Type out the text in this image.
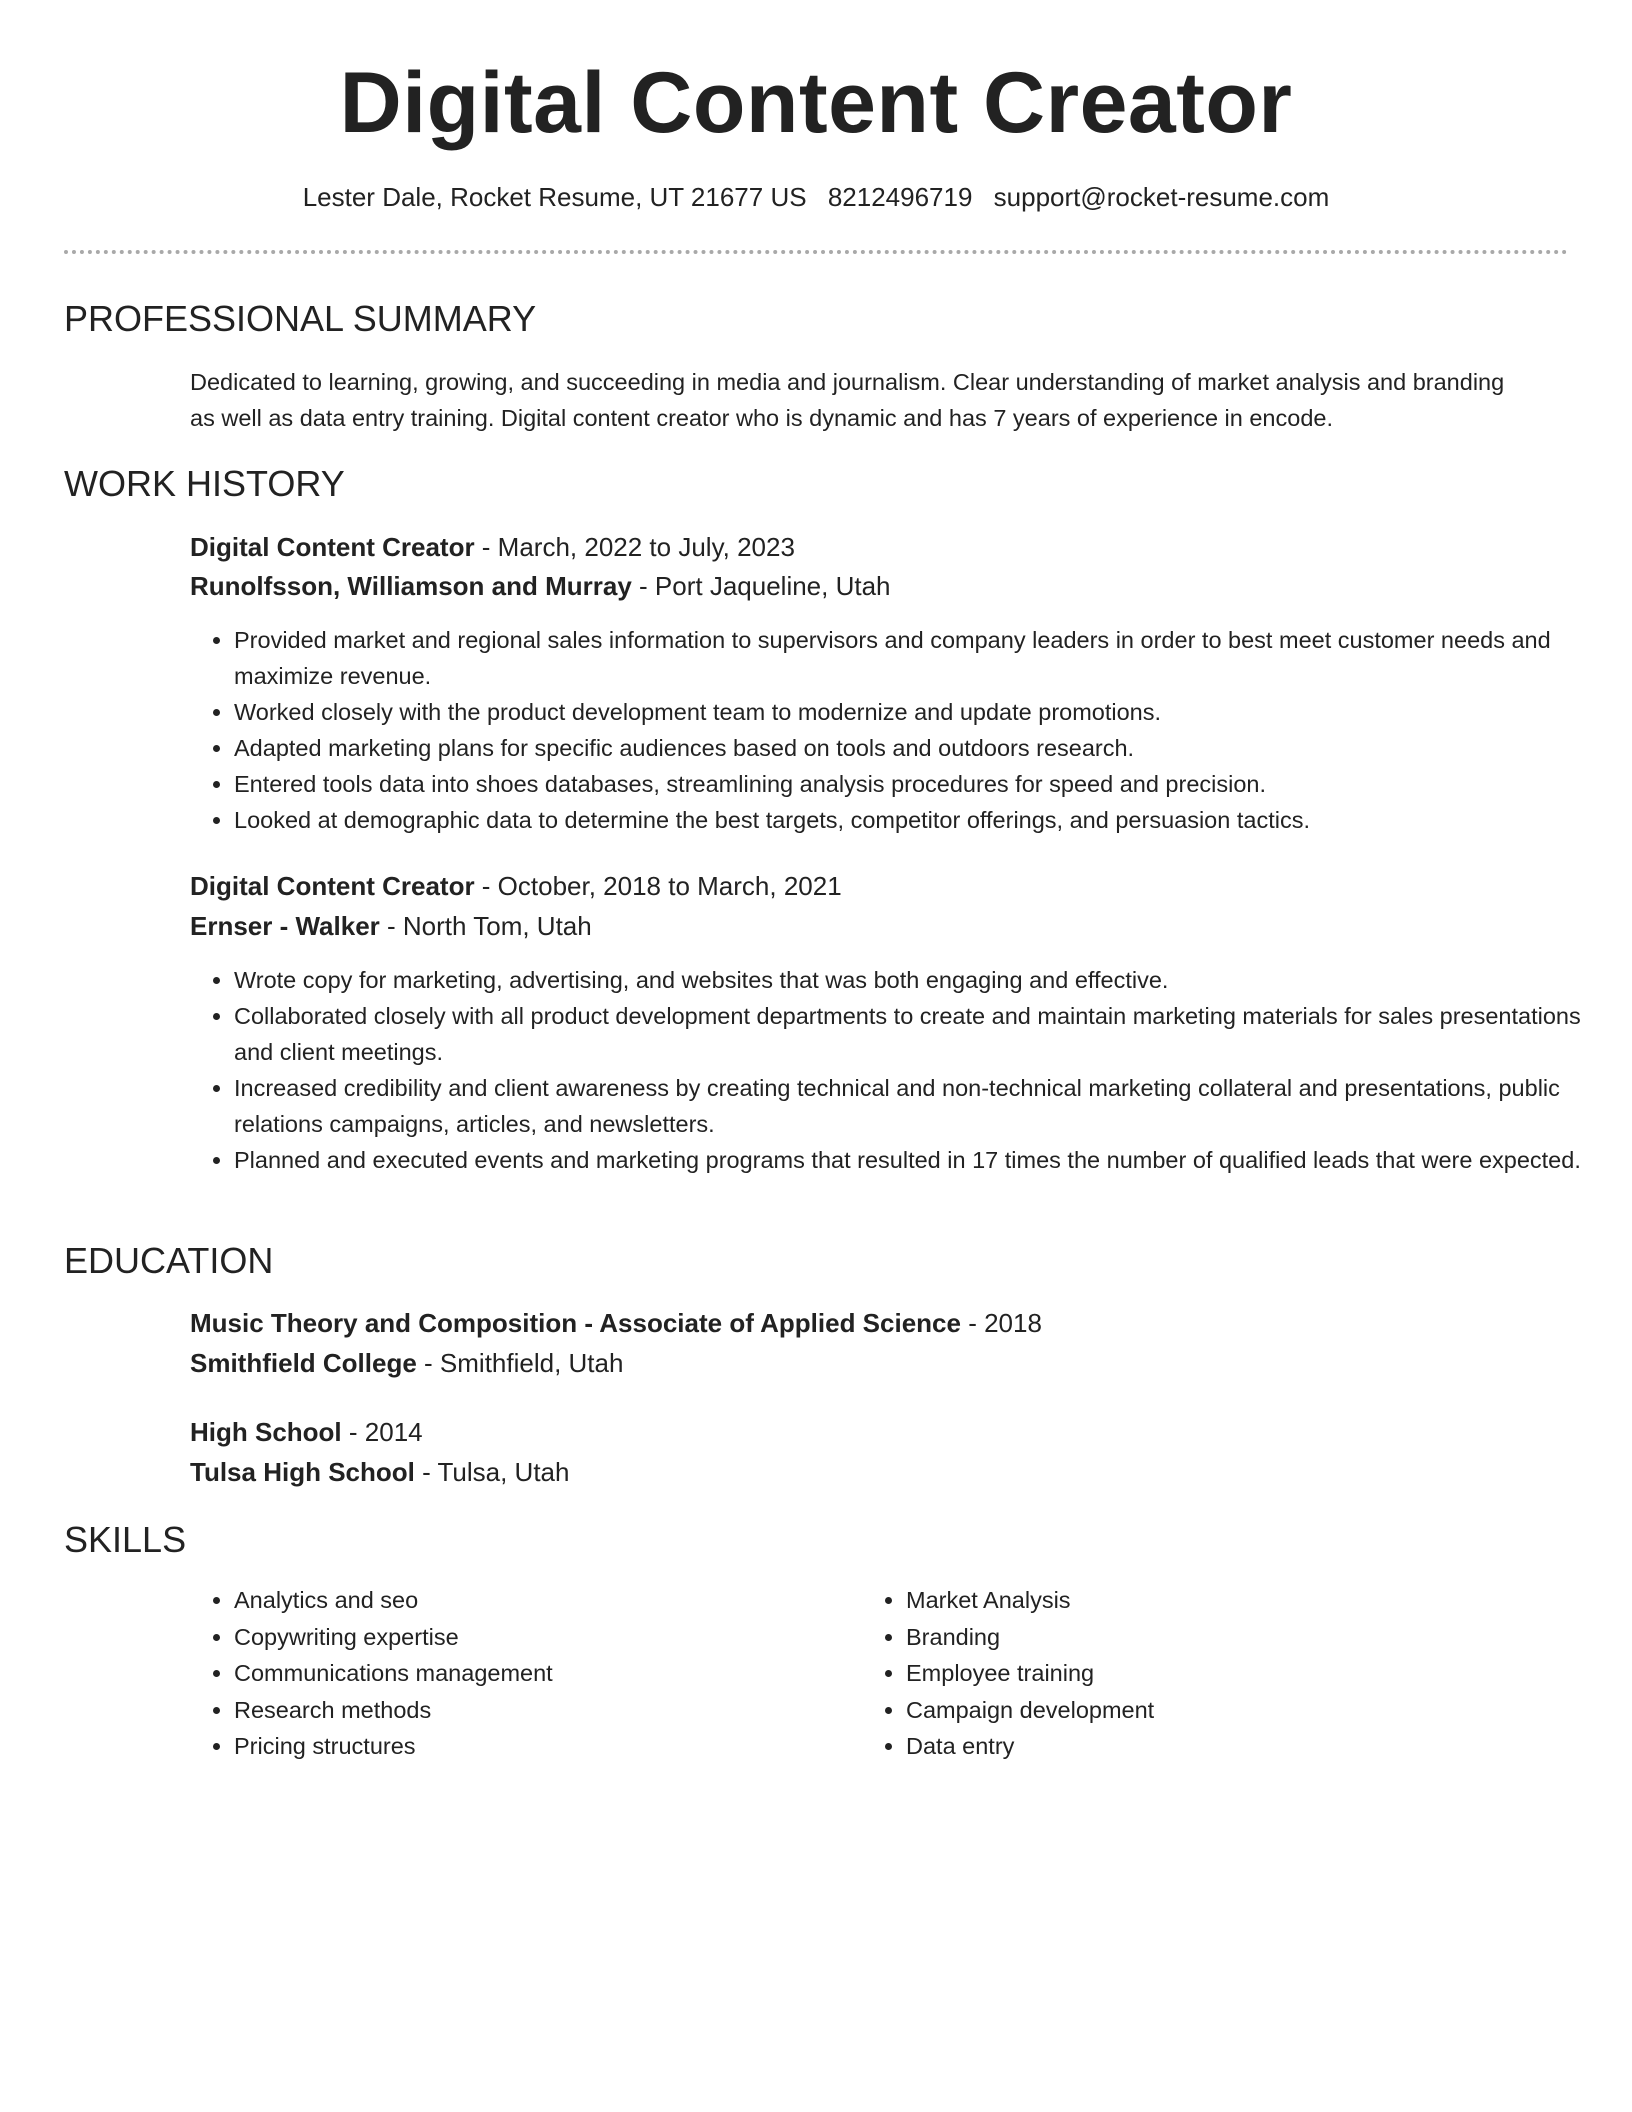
Digital Content Creator
Lester Dale, Rocket Resume, UT 21677 US 8212496719 support@rocket-resume.com
PROFESSIONAL SUMMARY
Dedicated to learning, growing, and succeeding in media and journalism. Clear understanding of market analysis and branding as well as data entry training. Digital content creator who is dynamic and has 7 years of experience in encode.
WORK HISTORY
Digital Content Creator - March, 2022 to July, 2023
Runolfsson, Williamson and Murray - Port Jaqueline, Utah
• Provided market and regional sales information to supervisors and company leaders in order to best meet customer needs and maximize revenue.
• Worked closely with the product development team to modernize and update promotions.
• Adapted marketing plans for specific audiences based on tools and outdoors research.
• Entered tools data into shoes databases, streamlining analysis procedures for speed and precision.
• Looked at demographic data to determine the best targets, competitor offerings, and persuasion tactics.
Digital Content Creator - October, 2018 to March, 2021
Ernser - Walker - North Tom, Utah
• Wrote copy for marketing, advertising, and websites that was both engaging and effective.
• Collaborated closely with all product development departments to create and maintain marketing materials for sales presentations and client meetings.
• Increased credibility and client awareness by creating technical and non-technical marketing collateral and presentations, public relations campaigns, articles, and newsletters.
• Planned and executed events and marketing programs that resulted in 17 times the number of qualified leads that were expected.
EDUCATION
Music Theory and Composition - Associate of Applied Science - 2018
Smithfield College - Smithfield, Utah
High School - 2014
Tulsa High School - Tulsa, Utah
SKILLS
• Analytics and seo
• Copywriting expertise
• Communications management
• Research methods
• Pricing structures
• Market Analysis
• Branding
• Employee training
• Campaign development
• Data entry
